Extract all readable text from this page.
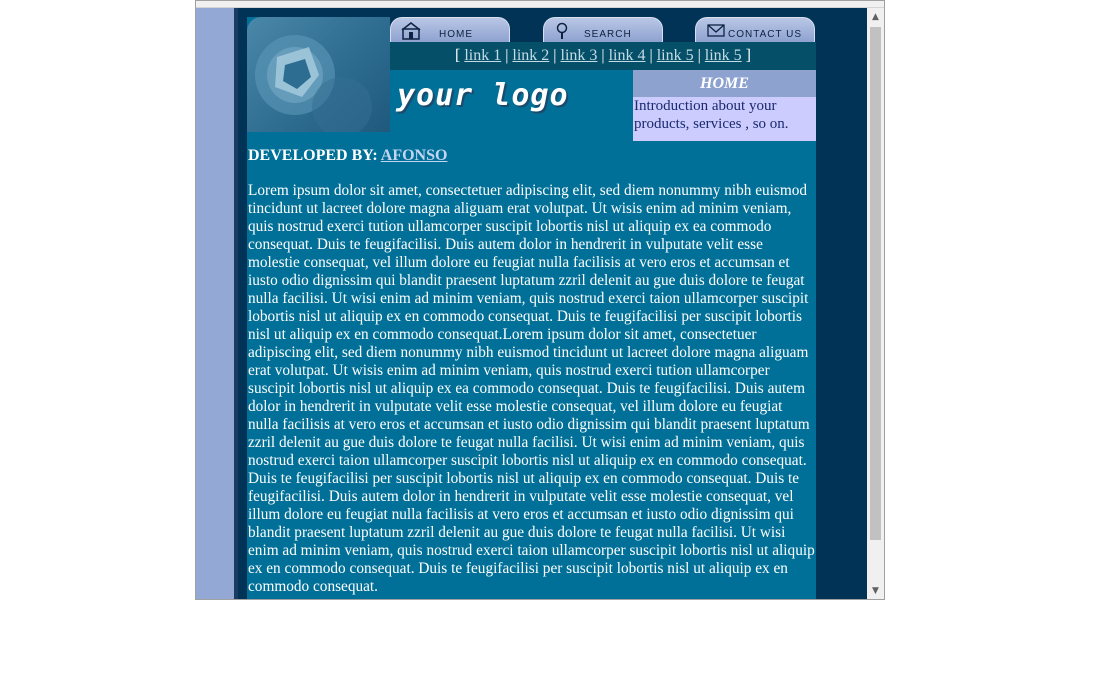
HOME	SEARCH	CONTACT US
[ link 1 | link 2 | link 3 | link 4 | link 5 | link 5 ]
your logo	HOME
Introduction about your products, services , so on.
DEVELOPED BY: AFONSO

Lorem ipsum dolor sit amet, consectetuer adipiscing elit, sed diem nonummy nibh euismod tincidunt ut lacreet dolore magna aliguam erat volutpat. Ut wisis enim ad minim veniam, quis nostrud exerci tution ullamcorper suscipit lobortis nisl ut aliquip ex ea commodo consequat. Duis te feugifacilisi. Duis autem dolor in hendrerit in vulputate velit esse molestie consequat, vel illum dolore eu feugiat nulla facilisis at vero eros et accumsan et iusto odio dignissim qui blandit praesent luptatum zzril delenit au gue duis dolore te feugat nulla facilisi. Ut wisi enim ad minim veniam, quis nostrud exerci taion ullamcorper suscipit lobortis nisl ut aliquip ex en commodo consequat. Duis te feugifacilisi per suscipit lobortis nisl ut aliquip ex en commodo consequat.Lorem ipsum dolor sit amet, consectetuer adipiscing elit, sed diem nonummy nibh euismod tincidunt ut lacreet dolore magna aliguam erat volutpat. Ut wisis enim ad minim veniam, quis nostrud exerci tution ullamcorper suscipit lobortis nisl ut aliquip ex ea commodo consequat. Duis te feugifacilisi. Duis autem dolor in hendrerit in vulputate velit esse molestie consequat, vel illum dolore eu feugiat nulla facilisis at vero eros et accumsan et iusto odio dignissim qui blandit praesent luptatum zzril delenit au gue duis dolore te feugat nulla facilisi. Ut wisi enim ad minim veniam, quis nostrud exerci taion ullamcorper suscipit lobortis nisl ut aliquip ex en commodo consequat. Duis te feugifacilisi per suscipit lobortis nisl ut aliquip ex en commodo consequat. Duis te feugifacilisi. Duis autem dolor in hendrerit in vulputate velit esse molestie consequat, vel illum dolore eu feugiat nulla facilisis at vero eros et accumsan et iusto odio dignissim qui blandit praesent luptatum zzril delenit au gue duis dolore te feugat nulla facilisi. Ut wisi enim ad minim veniam, quis nostrud exerci taion ullamcorper suscipit lobortis nisl ut aliquip ex en commodo consequat. Duis te feugifacilisi per suscipit lobortis nisl ut aliquip ex en commodo consequat.

▲
▼
